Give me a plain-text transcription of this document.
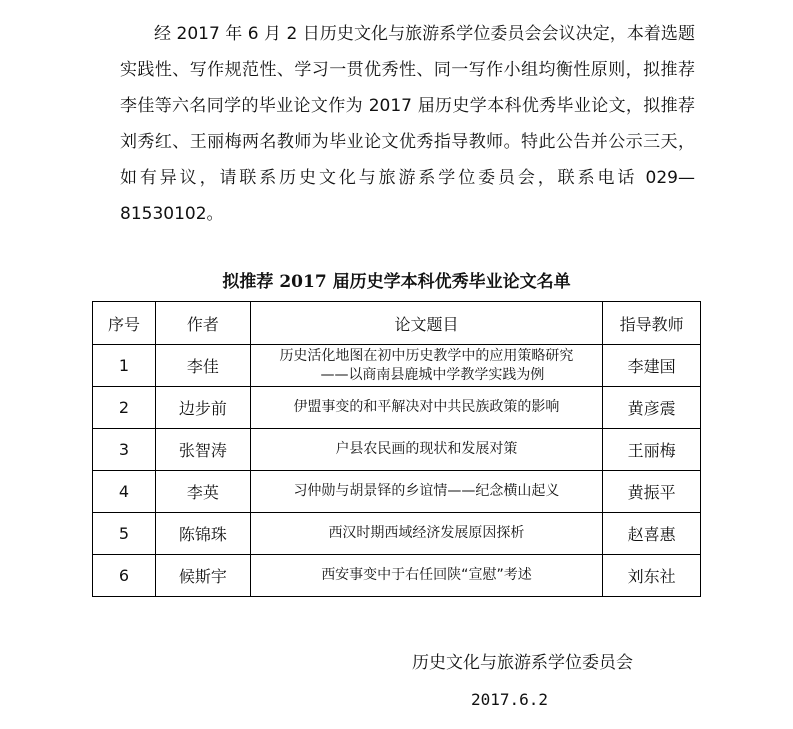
经 2017 年 6 月 2 日历史文化与旅游系学位委员会会议决定，本着选题实践性、写作规范性、学习一贯优秀性、同一写作小组均衡性原则，拟推荐李佳等六名同学的毕业论文作为 2017 届历史学本科优秀毕业论文，拟推荐刘秀红、王丽梅两名教师为毕业论文优秀指导教师。特此公告并公示三天，如有异议，请联系历史文化与旅游系学位委员会，联系电话 029—81530102。

拟推荐 2017 届历史学本科优秀毕业论文名单

序号	作者	论文题目	指导教师
1	李佳	历史活化地图在初中历史教学中的应用策略研究
——以商南县鹿城中学教学实践为例	李建国
2	边步前	伊盟事变的和平解决对中共民族政策的影响	黄彦震
3	张智涛	户县农民画的现状和发展对策	王丽梅
4	李英	习仲勋与胡景铎的乡谊情——纪念横山起义	黄振平
5	陈锦珠	西汉时期西域经济发展原因探析	赵喜惠
6	候斯宇	西安事变中于右任回陕“宣慰”考述	刘东社

历史文化与旅游系学位委员会

2017.6.2
